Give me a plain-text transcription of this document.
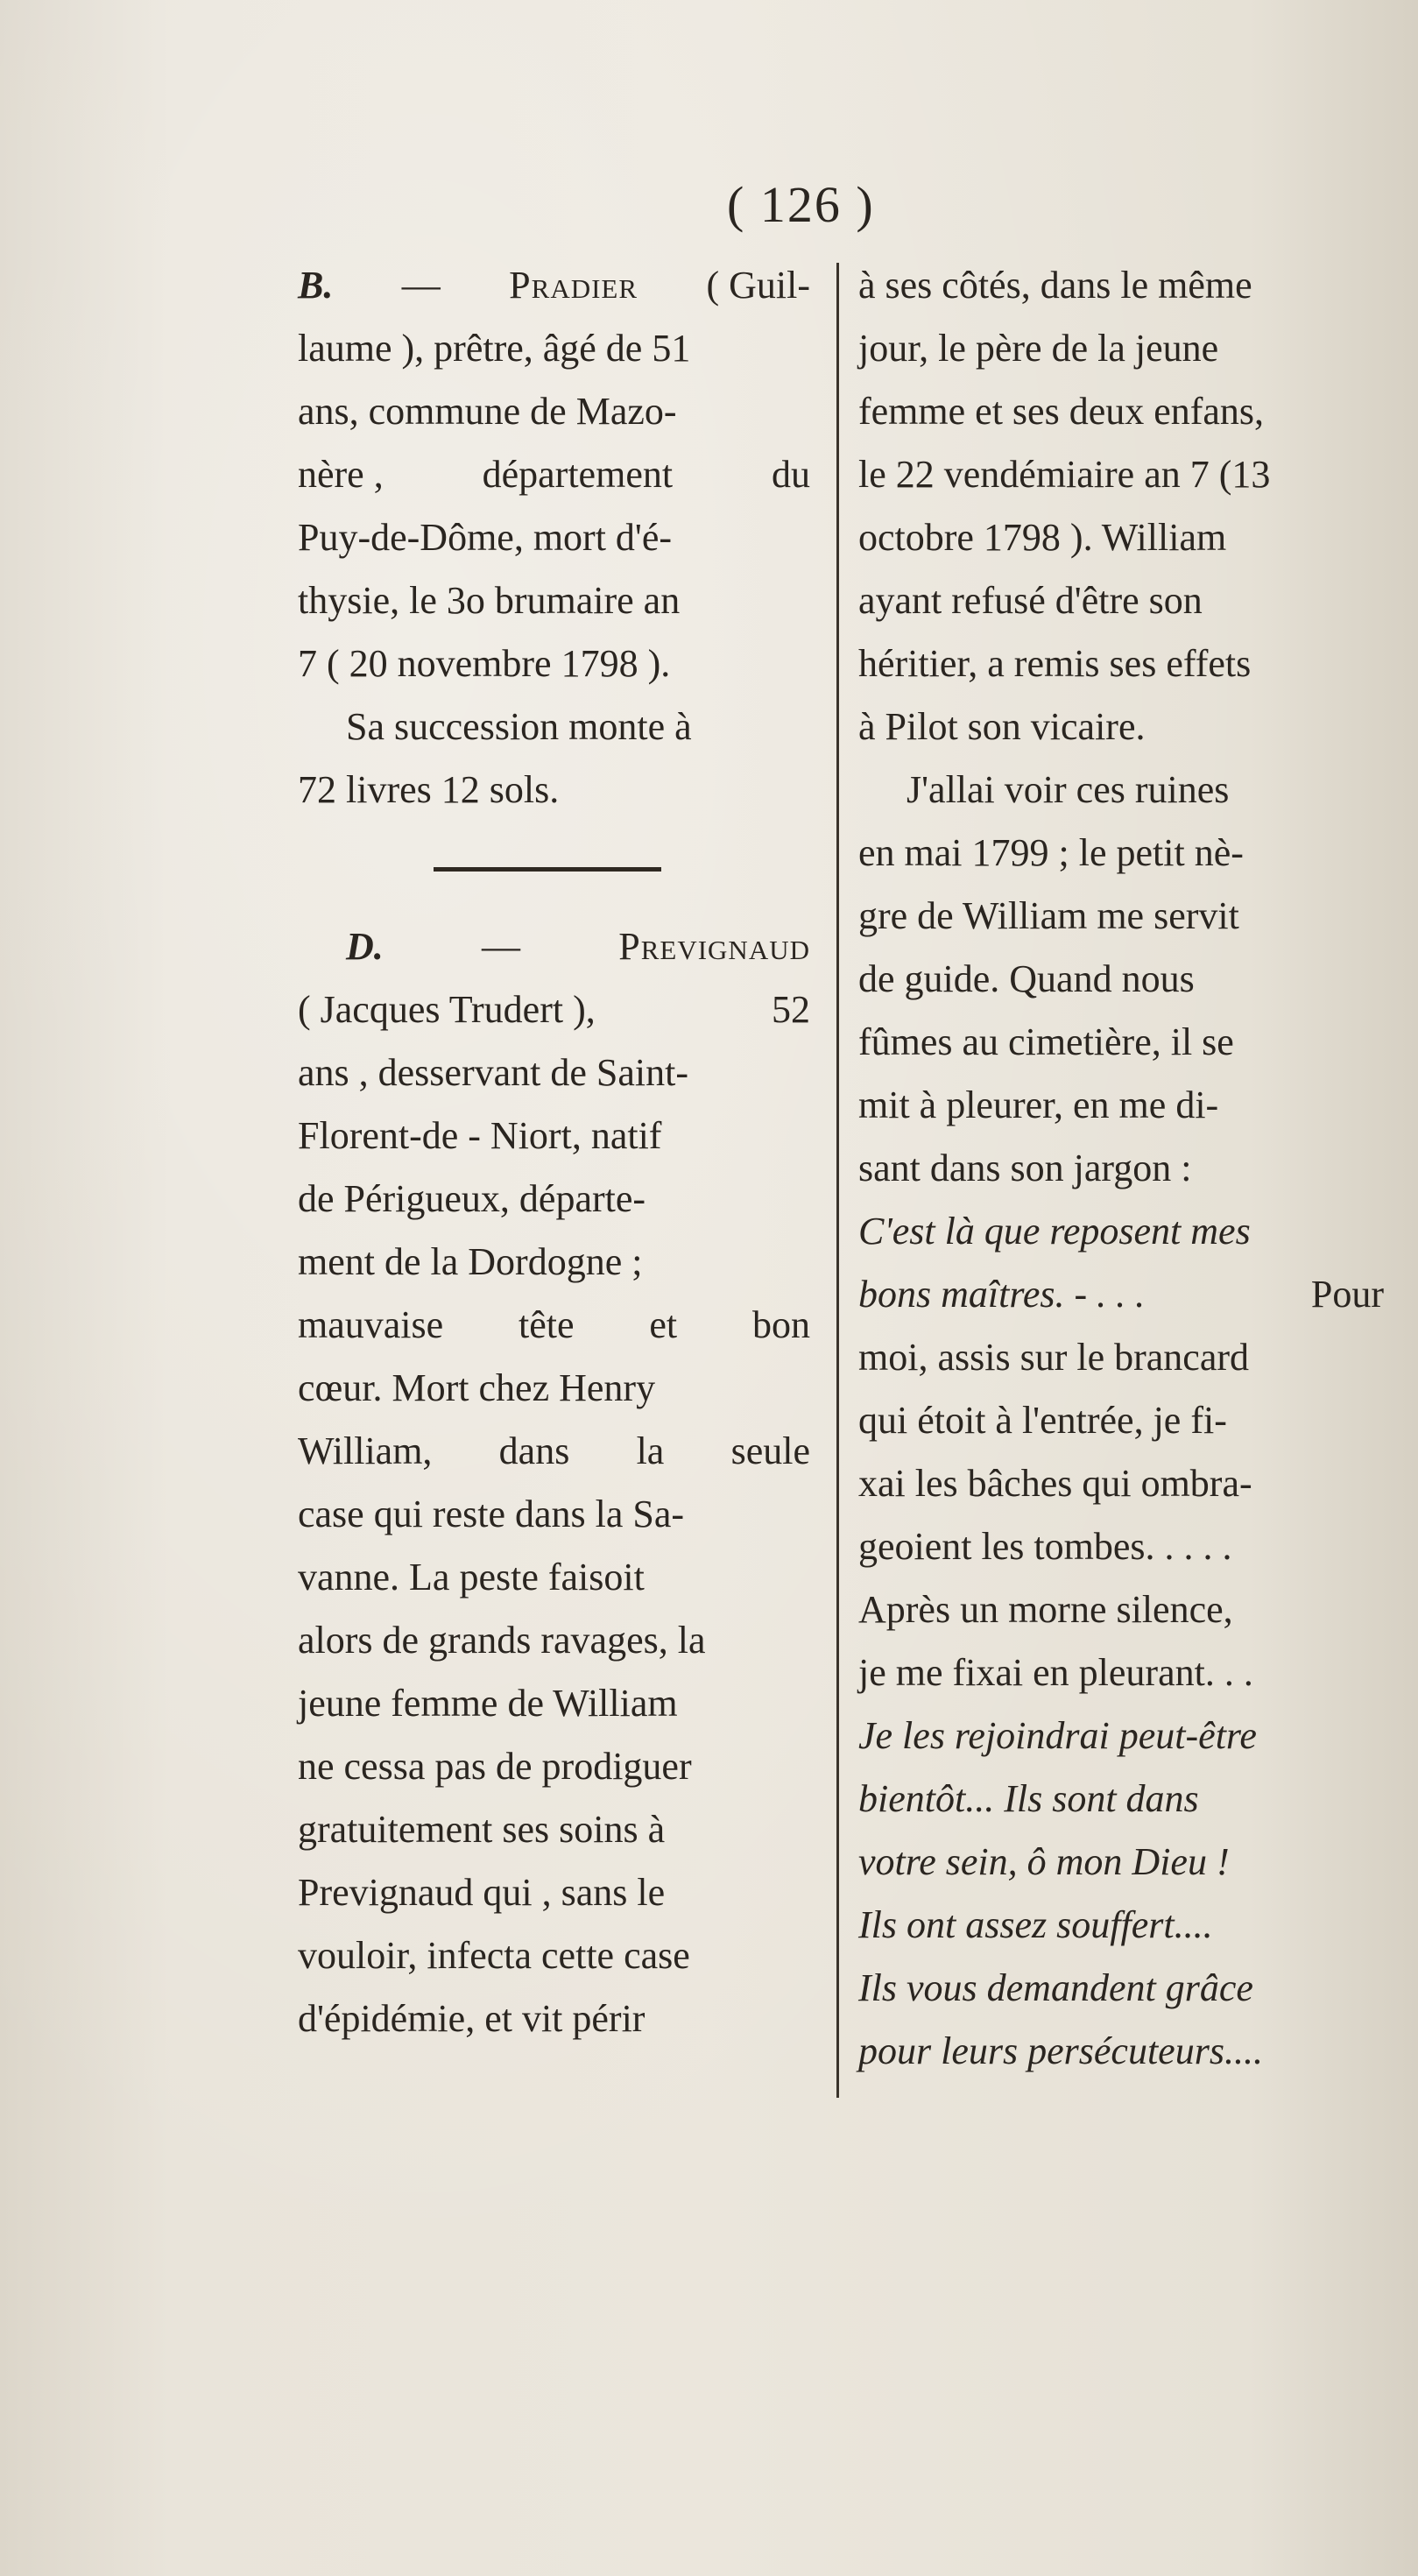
( 126 )
B. — Pradier ( Guil-
laume ), prêtre, âgé de 51
ans, commune de Mazo-
nère ,	département	du
Puy-de-Dôme, mort d'é-
thysie, le 3o brumaire an
7 ( 20 novembre 1798 ).
Sa succession monte à
72 livres 12 sols.
D.	—	Prevignaud
( Jacques Trudert ),	52
ans , desservant de Saint-
Florent-de - Niort, natif
de Périgueux, départe-
ment de la Dordogne ;
mauvaise tête et bon
cœur. Mort chez Henry
William, dans la seule
case qui reste dans la Sa-
vanne. La peste faisoit
alors de grands ravages, la
jeune femme de William
ne cessa pas de prodiguer
gratuitement ses soins à
Prevignaud qui , sans le
vouloir, infecta cette case
d'épidémie, et vit périr
à ses côtés, dans le même
jour, le père de la jeune
femme et ses deux enfans,
le 22 vendémiaire an 7 (13
octobre 1798 ). William
ayant refusé d'être son
héritier, a remis ses effets
à Pilot son vicaire.
J'allai voir ces ruines
en mai 1799 ; le petit nè-
gre de William me servit
de guide. Quand nous
fûmes au cimetière, il se
mit à pleurer, en me di-
sant dans son jargon :
C'est là que reposent mes
bons maîtres. - . . .	Pour
moi, assis sur le brancard
qui étoit à l'entrée, je fi-
xai les bâches qui ombra-
geoient les tombes. . . . .
Après un morne silence,
je me fixai en pleurant. . .
Je les rejoindrai peut-être
bientôt... Ils sont dans
votre sein, ô mon Dieu !
Ils ont assez souffert....
Ils vous demandent grâce
pour leurs persécuteurs....
